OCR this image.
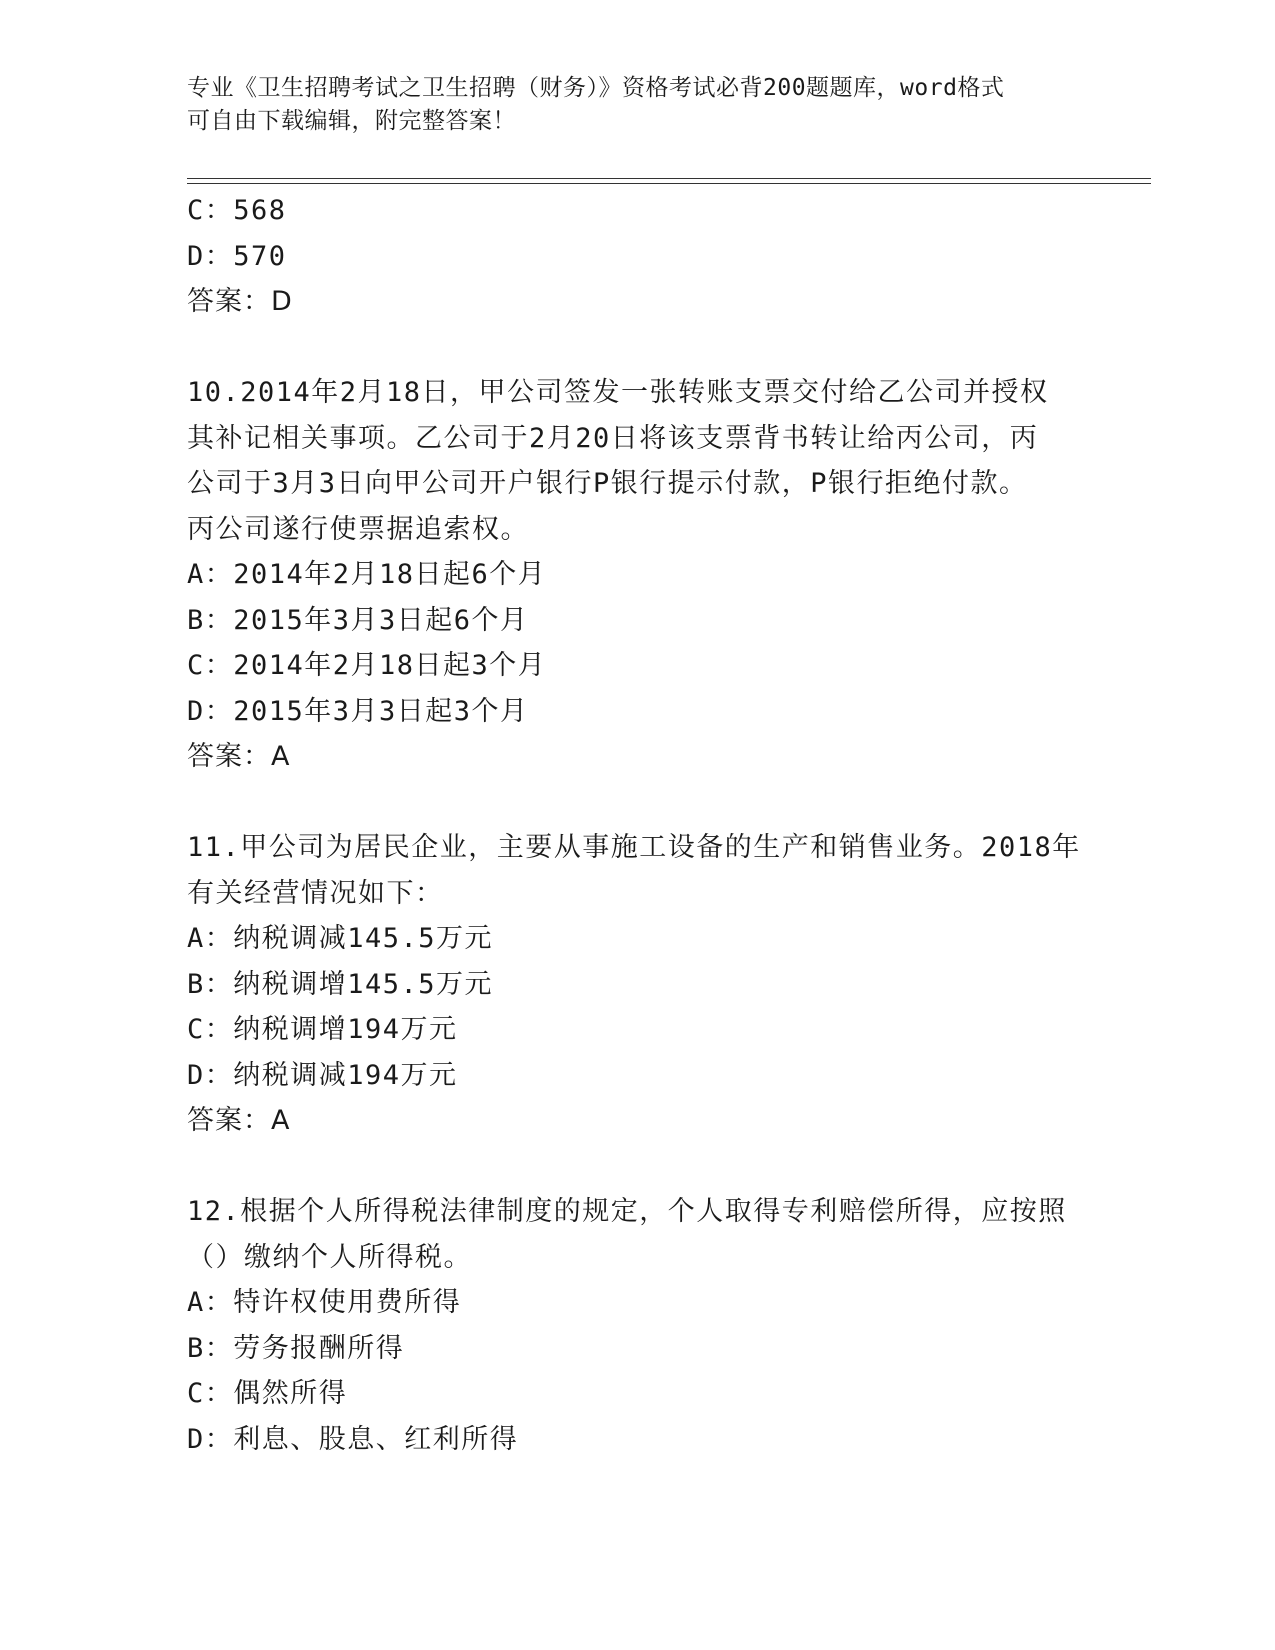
专业《卫生招聘考试之卫生招聘（财务）》资格考试必背200题题库，word格式
可自由下载编辑，附完整答案！
C：568
D：570
答案：D
10.2014年2月18日，甲公司签发一张转账支票交付给乙公司并授权
其补记相关事项。乙公司于2月20日将该支票背书转让给丙公司，丙
公司于3月3日向甲公司开户银行P银行提示付款，P银行拒绝付款。
丙公司遂行使票据追索权。
A：2014年2月18日起6个月
B：2015年3月3日起6个月
C：2014年2月18日起3个月
D：2015年3月3日起3个月
答案：A
11.甲公司为居民企业，主要从事施工设备的生产和销售业务。2018年
有关经营情况如下：
A：纳税调减145.5万元
B：纳税调增145.5万元
C：纳税调增194万元
D：纳税调减194万元
答案：A
12.根据个人所得税法律制度的规定，个人取得专利赔偿所得，应按照
（）缴纳个人所得税。
A：特许权使用费所得
B：劳务报酬所得
C：偶然所得
D：利息、股息、红利所得
